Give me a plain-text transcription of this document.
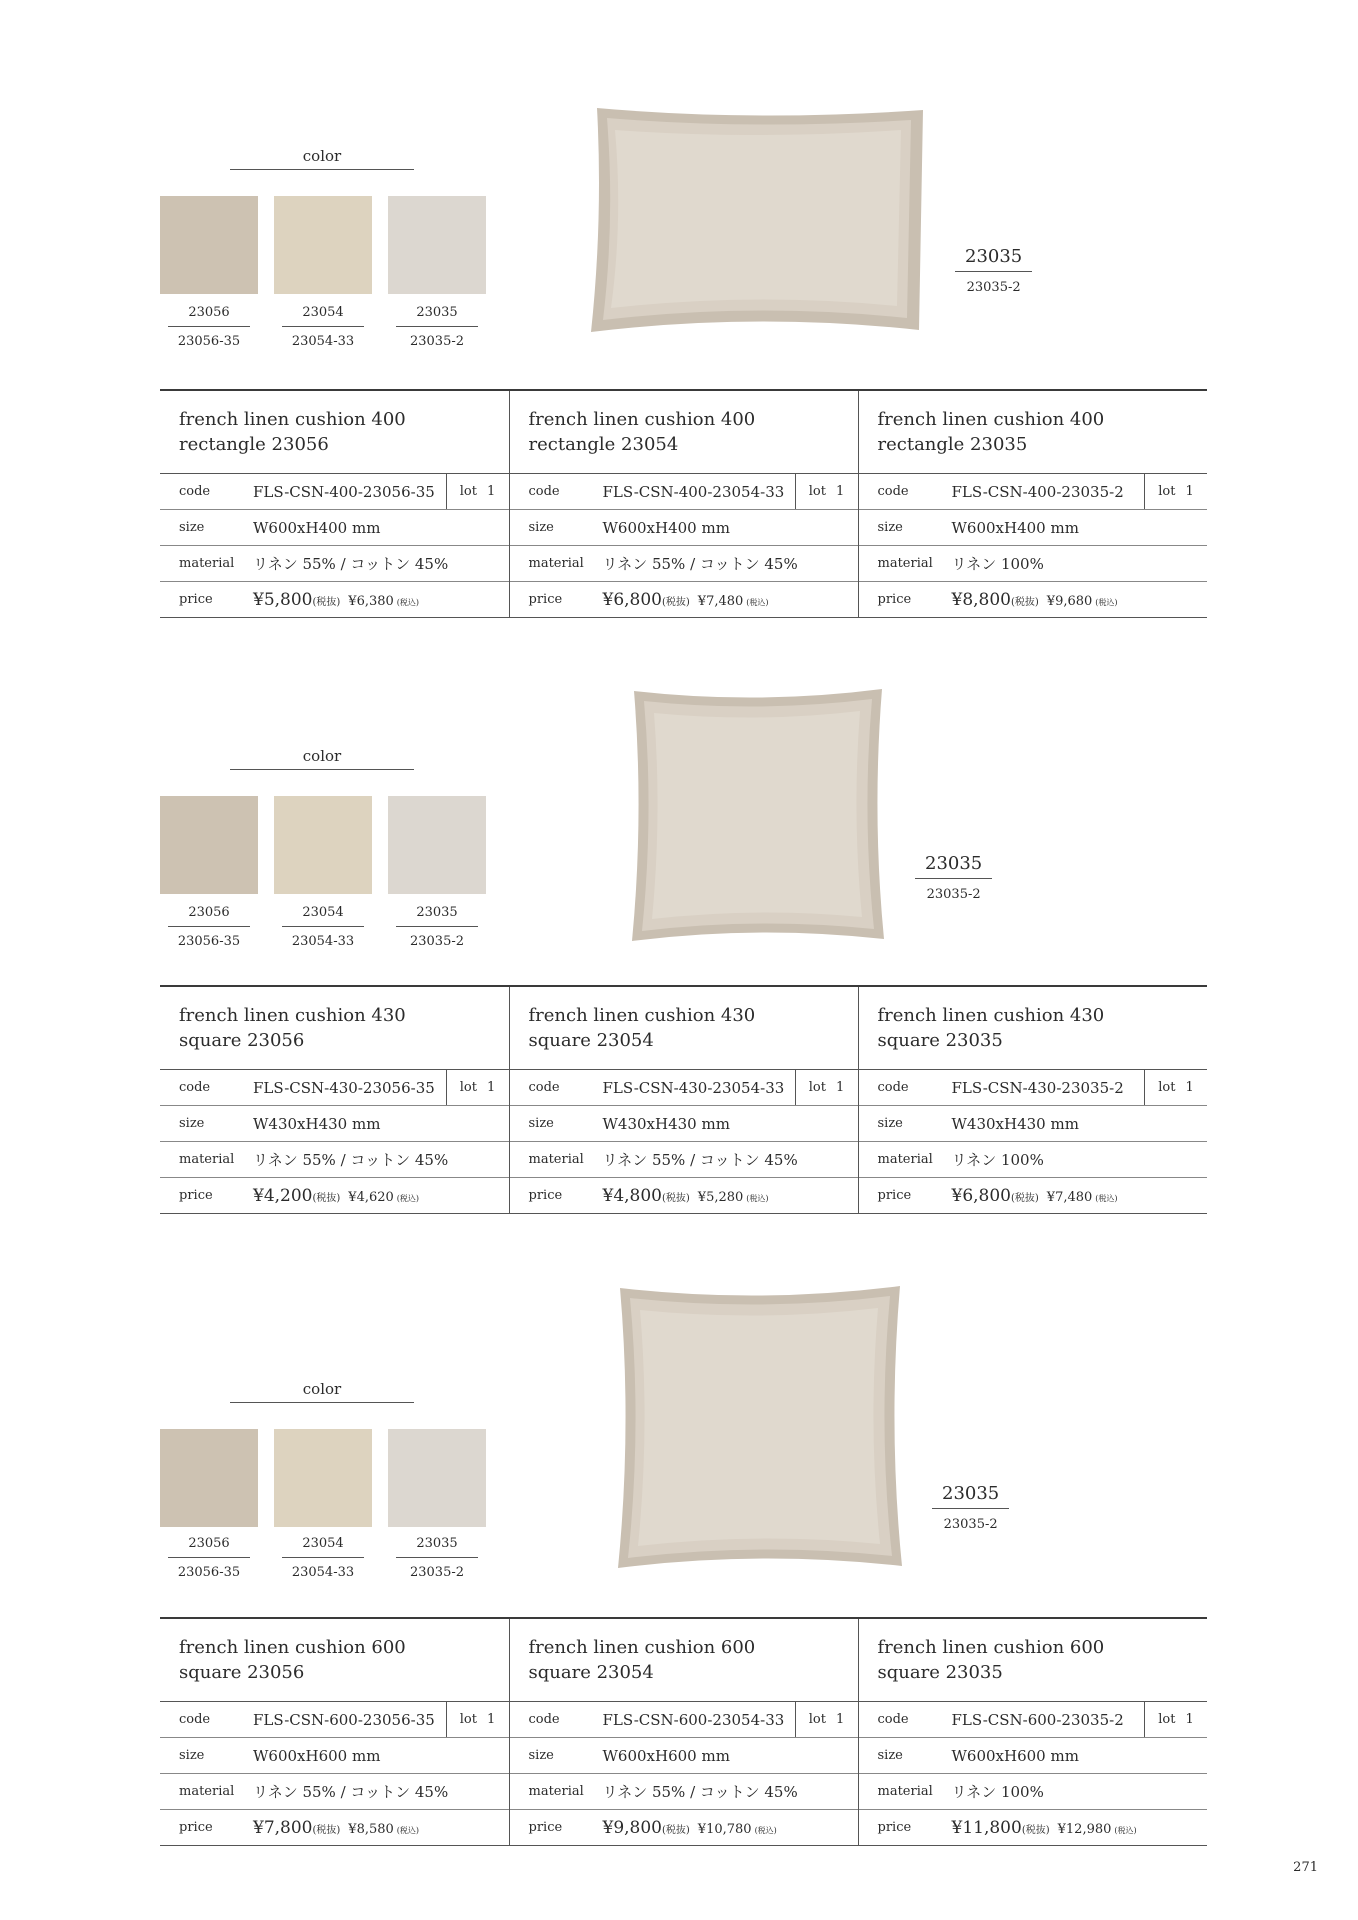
color
23056	23054	23035
23056-35	23054-33	23035-2
23035
23035-2
french linen cushion 400
rectangle 23056
code	FLS-CSN-400-23056-35	lot 1
size	W600xH400 mm
material	リネン 55% / コットン 45%
price	¥5,800(税抜) ¥6,380 (税込)

french linen cushion 400
rectangle 23054
code	FLS-CSN-400-23054-33	lot 1
size	W600xH400 mm
material	リネン 55% / コットン 45%
price	¥6,800(税抜) ¥7,480 (税込)

french linen cushion 400
rectangle 23035
code	FLS-CSN-400-23035-2	lot 1
size	W600xH400 mm
material	リネン 100%
price	¥8,800(税抜) ¥9,680 (税込)
color
23056	23054	23035
23056-35	23054-33	23035-2
23035
23035-2
french linen cushion 430
square 23056
code	FLS-CSN-430-23056-35	lot 1
size	W430xH430 mm
material	リネン 55% / コットン 45%
price	¥4,200(税抜) ¥4,620 (税込)

french linen cushion 430
square 23054
code	FLS-CSN-430-23054-33	lot 1
size	W430xH430 mm
material	リネン 55% / コットン 45%
price	¥4,800(税抜) ¥5,280 (税込)

french linen cushion 430
square 23035
code	FLS-CSN-430-23035-2	lot 1
size	W430xH430 mm
material	リネン 100%
price	¥6,800(税抜) ¥7,480 (税込)
color
23056	23054	23035
23056-35	23054-33	23035-2
23035
23035-2
french linen cushion 600
square 23056
code	FLS-CSN-600-23056-35	lot 1
size	W600xH600 mm
material	リネン 55% / コットン 45%
price	¥7,800(税抜) ¥8,580 (税込)

french linen cushion 600
square 23054
code	FLS-CSN-600-23054-33	lot 1
size	W600xH600 mm
material	リネン 55% / コットン 45%
price	¥9,800(税抜) ¥10,780 (税込)

french linen cushion 600
square 23035
code	FLS-CSN-600-23035-2	lot 1
size	W600xH600 mm
material	リネン 100%
price	¥11,800(税抜) ¥12,980 (税込)
271
